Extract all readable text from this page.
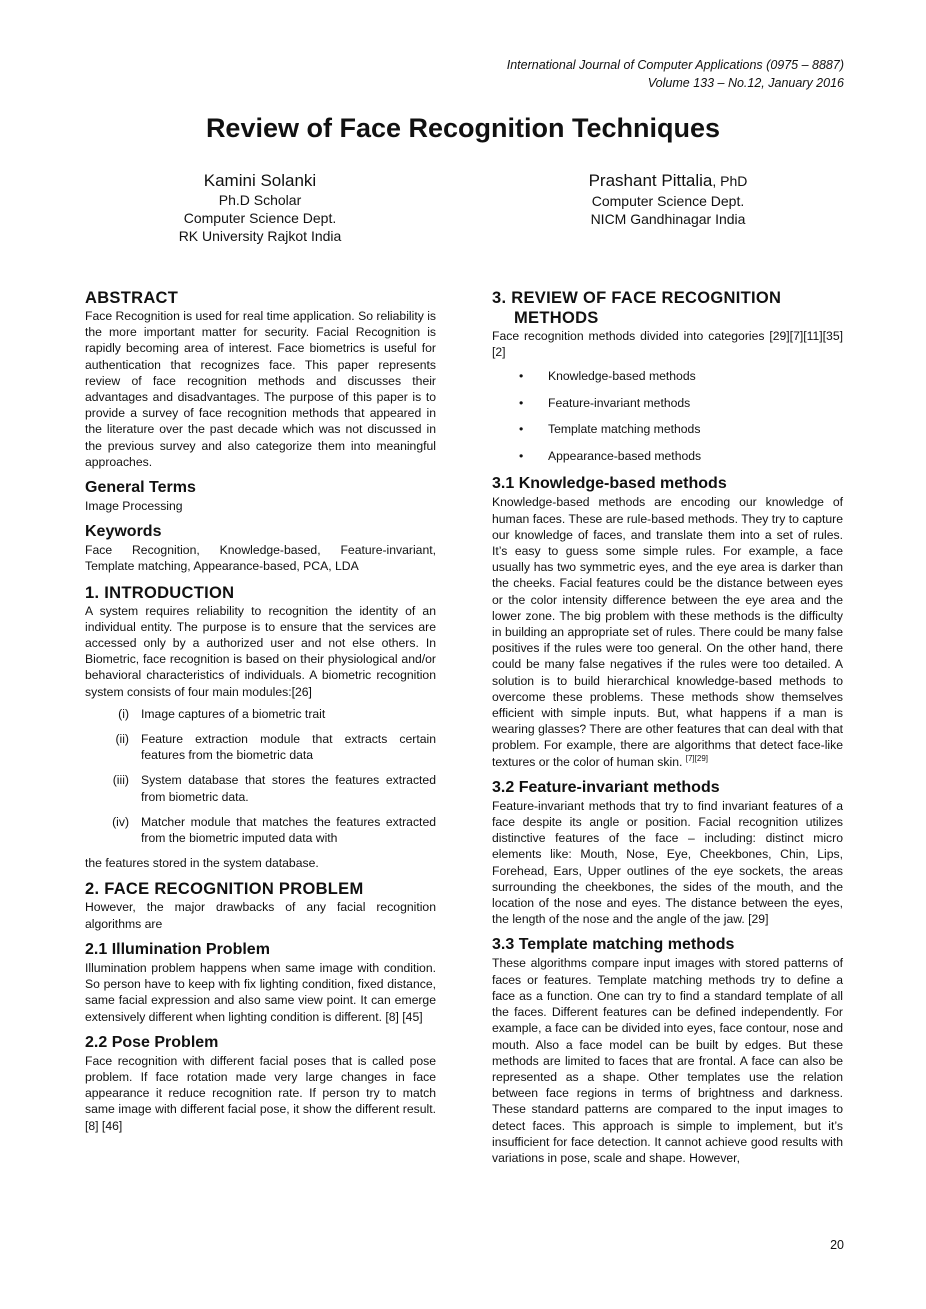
International Journal of Computer Applications (0975 – 8887)
Volume 133 – No.12, January 2016
Review of Face Recognition Techniques
Kamini Solanki
Ph.D Scholar
Computer Science Dept.
RK University Rajkot India
Prashant Pittalia, PhD
Computer Science Dept.
NICM Gandhinagar India
ABSTRACT

Face Recognition is used for real time application. So reliability is the more important matter for security. Facial Recognition is rapidly becoming area of interest. Face biometrics is useful for authentication that recognizes face. This paper represents review of face recognition methods and discusses their advantages and disadvantages. The purpose of this paper is to provide a survey of face recognition methods that appeared in the literature over the past decade which was not discussed in the previous survey and also categorize them into meaningful approaches.

General Terms

Image Processing

Keywords

Face Recognition, Knowledge-based, Feature-invariant, Template matching, Appearance-based, PCA, LDA

1. INTRODUCTION

A system requires reliability to recognition the identity of an individual entity. The purpose is to ensure that the services are accessed only by a authorized user and not else others. In Biometric, face recognition is based on their physiological and/or behavioral characteristics of individuals. A biometric recognition system consists of four main modules:[26]

(i) Image captures of a biometric trait
(ii) Feature extraction module that extracts certain features from the biometric data
(iii) System database that stores the features extracted from biometric data.
(iv) Matcher module that matches the features extracted from the biometric imputed data with

the features stored in the system database.

2. FACE RECOGNITION PROBLEM

However, the major drawbacks of any facial recognition algorithms are

2.1 Illumination Problem

Illumination problem happens when same image with condition. So person have to keep with fix lighting condition, fixed distance, same facial expression and also same view point. It can emerge extensively different when lighting condition is different. [8] [45]

2.2 Pose Problem

Face recognition with different facial poses that is called pose problem. If face rotation made very large changes in face appearance it reduce recognition rate. If person try to match same image with different facial pose, it show the different result.[8] [46]

3. REVIEW OF FACE RECOGNITION
METHODS

Face recognition methods divided into categories [29][7][11][35][2]

•	Knowledge-based methods
•	Feature-invariant methods
•	Template matching methods
•	Appearance-based methods
3.1 Knowledge-based methods

Knowledge-based methods are encoding our knowledge of human faces. These are rule-based methods. They try to capture our knowledge of faces, and translate them into a set of rules. It’s easy to guess some simple rules. For example, a face usually has two symmetric eyes, and the eye area is darker than the cheeks. Facial features could be the distance between eyes or the color intensity difference between the eye area and the lower zone. The big problem with these methods is the difficulty in building an appropriate set of rules. There could be many false positives if the rules were too general. On the other hand, there could be many false negatives if the rules were too detailed. A solution is to build hierarchical knowledge-based methods to overcome these problems. These methods show themselves efficient with simple inputs. But, what happens if a man is wearing glasses? There are other features that can deal with that problem. For example, there are algorithms that detect face-like textures or the color of human skin. [7][29]

3.2 Feature-invariant methods

Feature-invariant methods that try to find invariant features of a face despite its angle or position. Facial recognition utilizes distinctive features of the face – including: distinct micro elements like: Mouth, Nose, Eye, Cheekbones, Chin, Lips, Forehead, Ears, Upper outlines of the eye sockets, the areas surrounding the cheekbones, the sides of the mouth, and the location of the nose and eyes. The distance between the eyes, the length of the nose and the angle of the jaw. [29]

3.3 Template matching methods

These algorithms compare input images with stored patterns of faces or features. Template matching methods try to define a face as a function. One can try to find a standard template of all the faces. Different features can be defined independently. For example, a face can be divided into eyes, face contour, nose and mouth. Also a face model can be built by edges. But these methods are limited to faces that are frontal. A face can also be represented as a shape. Other templates use the relation between face regions in terms of brightness and darkness. These standard patterns are compared to the input images to detect faces. This approach is simple to implement, but it’s insufficient for face detection. It cannot achieve good results with variations in pose, scale and shape. However,

20
